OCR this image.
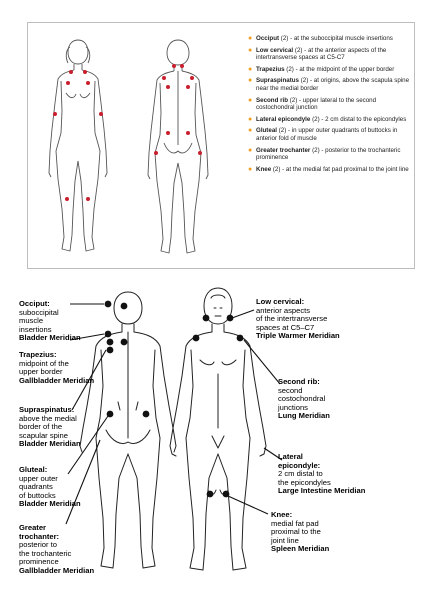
● Occiput (2) - at the suboccipital muscle insertions
● Low cervical (2) - at the anterior aspects of the intertransverse spaces at C5-C7
● Trapezius (2) - at the midpoint of the upper border
● Supraspinatus (2) - at origins, above the scapula spine near the medial border
● Second rib (2) - upper lateral to the second costochondral junction
● Lateral epicondyle (2) - 2 cm distal to the epicondyles
● Gluteal (2) - in upper outer quadrants of buttocks in anterior fold of muscle
● Greater trochanter (2) - posterior to the trochanteric prominence
● Knee (2) - at the medial fat pad proximal to the joint line
Occiput:
suboccipital
muscle
insertions
Bladder Meridian
Trapezius:
midpoint of the
upper border
Gallbladder Meridian
Supraspinatus:
above the medial
border of the
scapular spine
Bladder Meridian
Gluteal:
upper outer
quadrants
of buttocks
Bladder Meridian
Greater
trochanter:
posterior to
the trochanteric
prominence
Gallbladder Meridian
Low cervical:
anterior aspects
of the intertransverse
spaces at C5–C7
Triple Warmer Meridian
Second rib:
second
costochondral
junctions
Lung Meridian
Lateral
epicondyle:
2 cm distal to
the epicondyles
Large Intestine Meridian
Knee:
medial fat pad
proximal to the
joint line
Spleen Meridian
